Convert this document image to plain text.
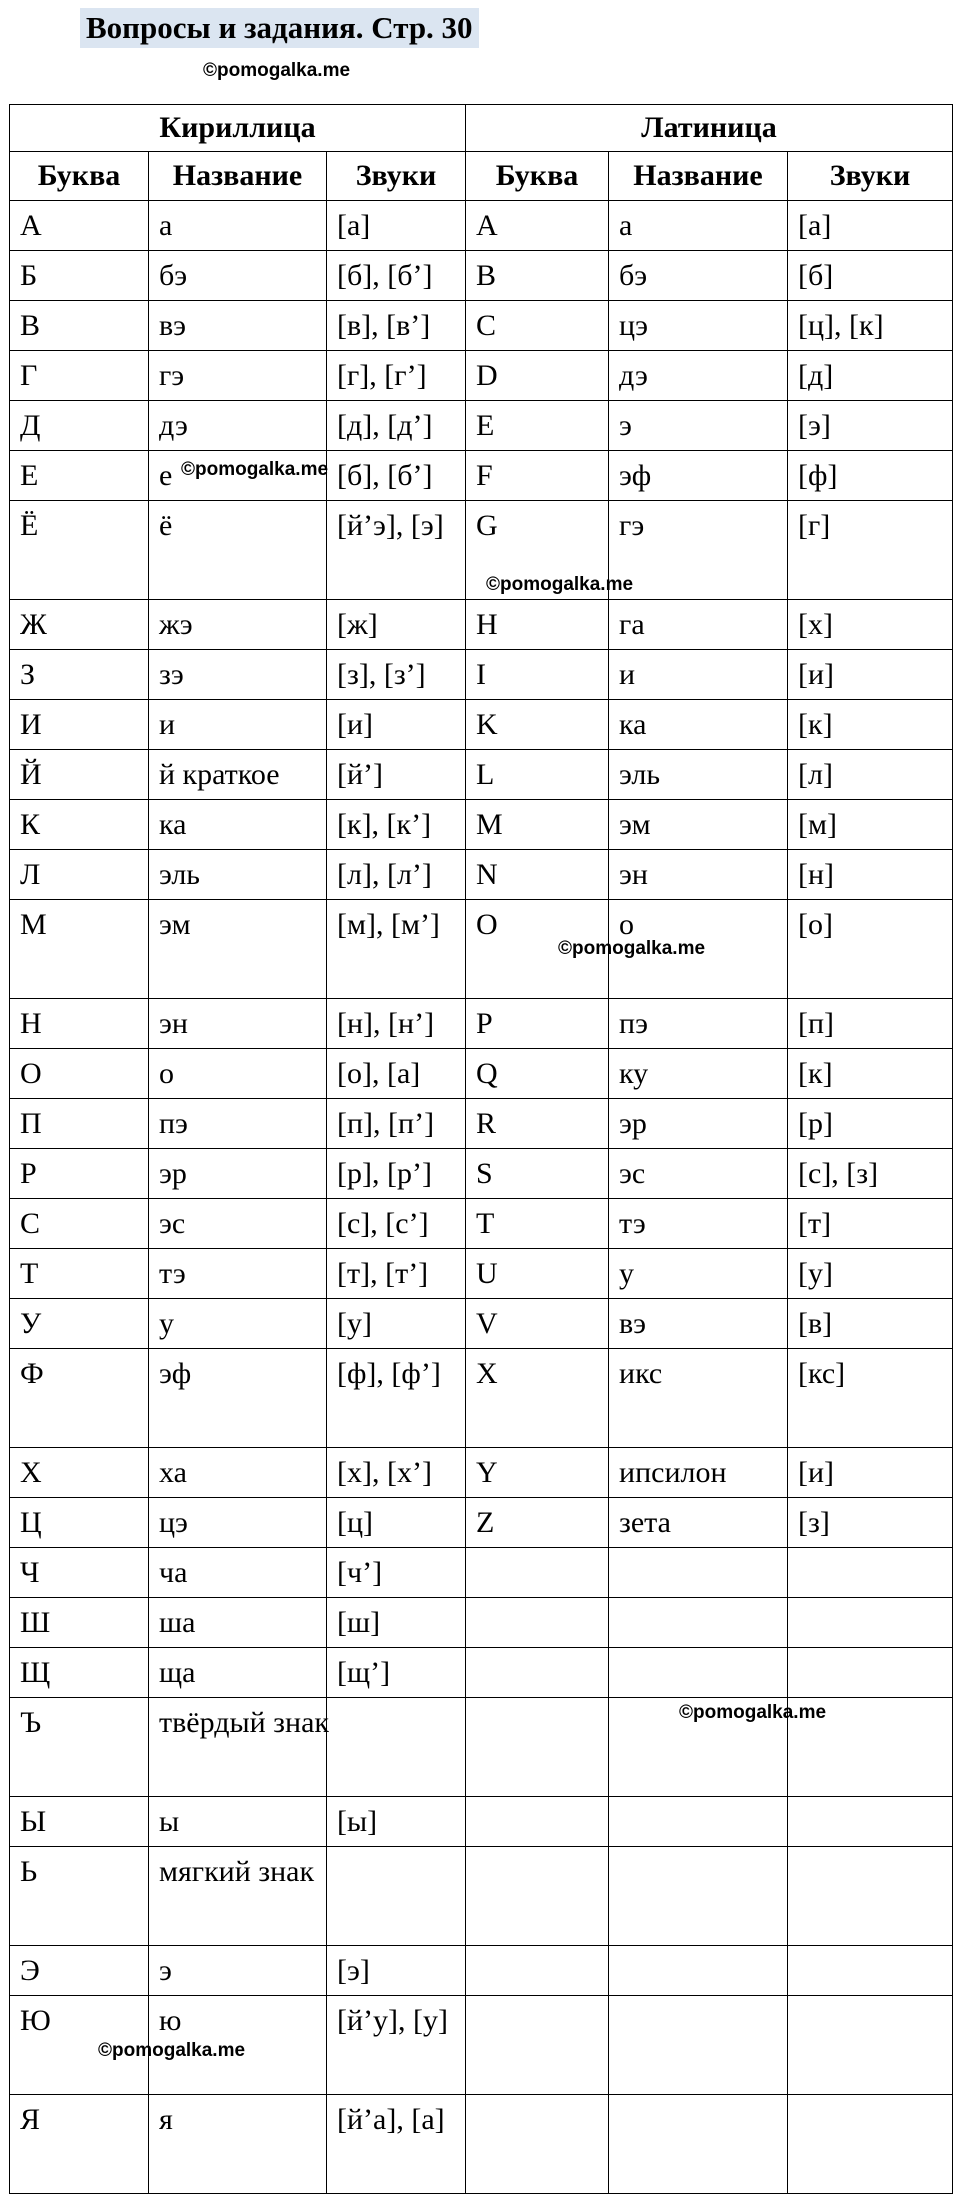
Вопросы и задания. Стр. 30
©pomogalka.me
©pomogalka.me
©pomogalka.me
©pomogalka.me
©pomogalka.me
©pomogalka.me
Кириллица			Латиница		
Буква	Название	Звуки	Буква	Название	Звуки
А	а	[а]	A	а	[а]
Б	бэ	[б], [б’]	B	бэ	[б]
В	вэ	[в], [в’]	C	цэ	[ц], [к]
Г	гэ	[г], [г’]	D	дэ	[д]
Д	дэ	[д], [д’]	E	э	[э]
Е	е	[б], [б’]	F	эф	[ф]
Ё	ё	[й’э], [э]	G	гэ	[г]
Ж	жэ	[ж]	H	га	[х]
З	зэ	[з], [з’]	I	и	[и]
И	и	[и]	K	ка	[к]
Й	й краткое	[й’]	L	эль	[л]
К	ка	[к], [к’]	M	эм	[м]
Л	эль	[л], [л’]	N	эн	[н]
М	эм	[м], [м’]	O	о	[о]
Н	эн	[н], [н’]	P	пэ	[п]
О	о	[о], [а]	Q	ку	[к]
П	пэ	[п], [п’]	R	эр	[р]
Р	эр	[р], [р’]	S	эс	[с], [з]
С	эс	[с], [с’]	T	тэ	[т]
Т	тэ	[т], [т’]	U	у	[у]
У	у	[у]	V	вэ	[в]
Ф	эф	[ф], [ф’]	X	икс	[кс]
Х	ха	[х], [х’]	Y	ипсилон	[и]
Ц	цэ	[ц]	Z	зета	[з]
Ч	ча	[ч’]			
Ш	ша	[ш]			
Щ	ща	[щ’]			
Ъ	твёрдый знак				
Ы	ы	[ы]			
Ь	мягкий знак				
Э	э	[э]			
Ю	ю	[й’у], [у]			
Я	я	[й’а], [а]			
